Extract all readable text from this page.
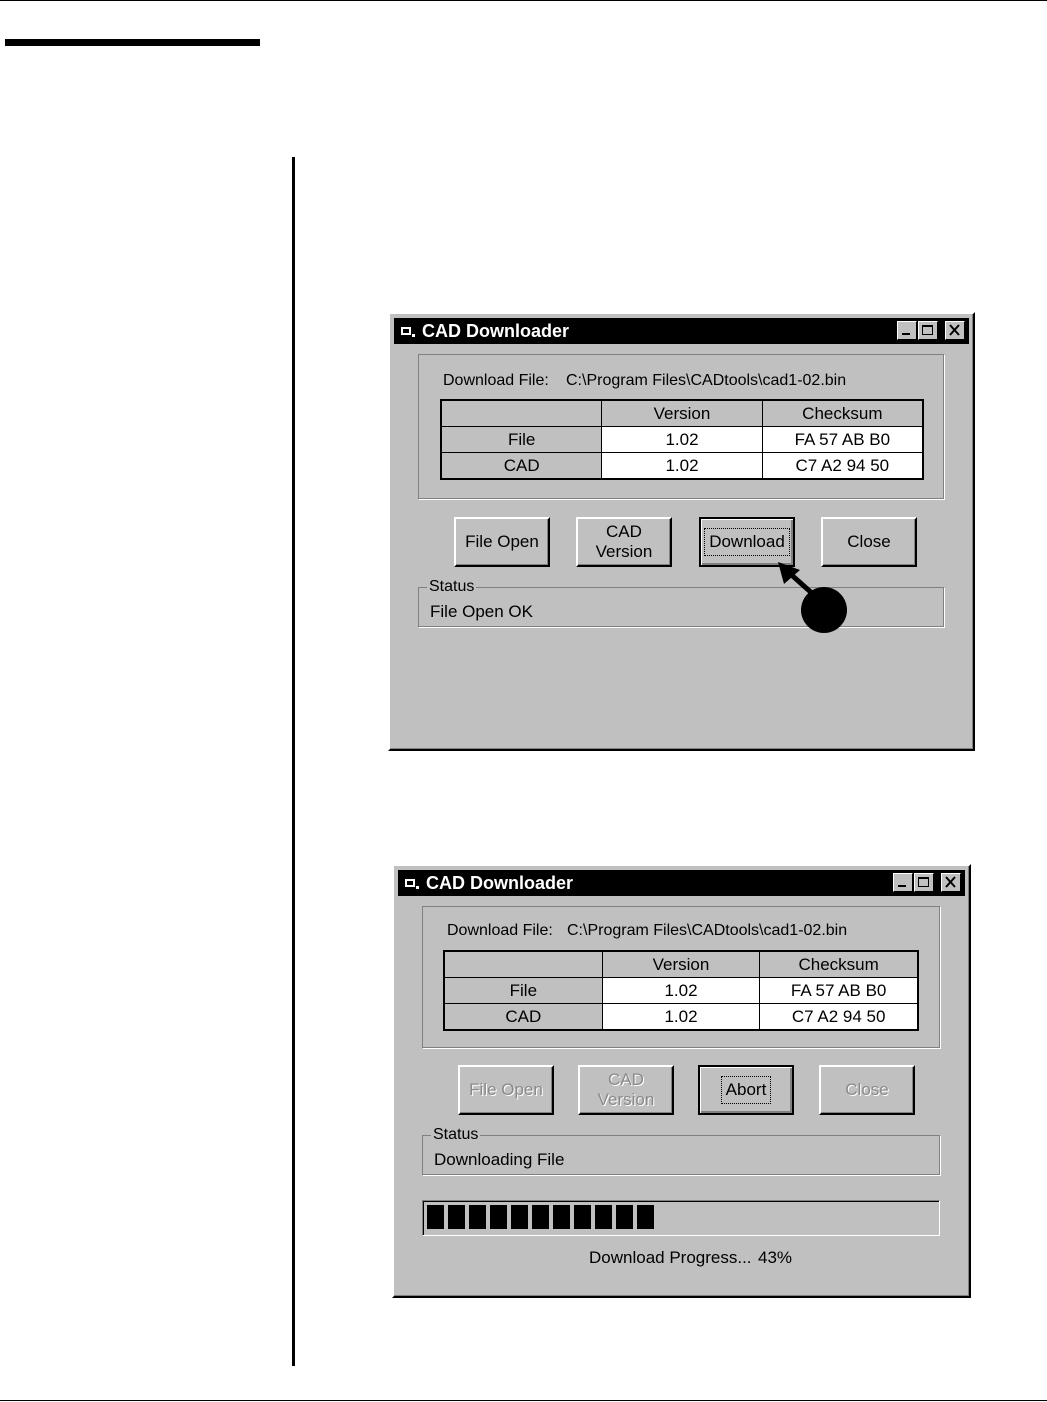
CAD Downloader
Download File: C:\Program Files\CADtools\cad1-02.bin
	Version	Checksum
File	1.02	FA 57 AB B0
CAD	1.02	C7 A2 94 50
File Open
CAD
Version
Download	Close
Status
File Open OK
CAD Downloader
Download File: C:\Program Files\CADtools\cad1-02.bin
	Version	Checksum
File	1.02	FA 57 AB B0
CAD	1.02	C7 A2 94 50
File Open
CAD
Version
Abort	Close
Status
Downloading File
Download Progress... 43%
